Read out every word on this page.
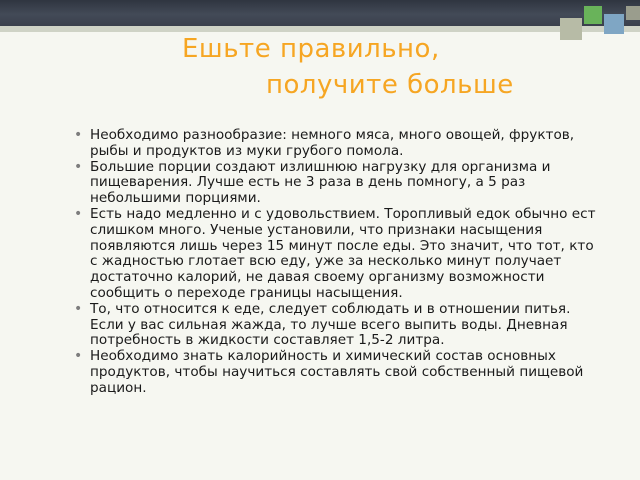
Ешьте правильно,
получите больше
• Необходимо разнообразие: немного мяса, много овощей, фруктов, рыбы и продуктов из муки грубого помола.
• Большие порции создают излишнюю нагрузку для организма и пищеварения. Лучше есть не 3 раза в день помногу, а 5 раз небольшими порциями.
• Есть надо медленно и с удовольствием. Торопливый едок обычно ест слишком много. Ученые установили, что признаки насыщения появляются лишь через 15 минут после еды. Это значит, что тот, кто с жадностью глотает всю еду, уже за несколько минут получает достаточно калорий, не давая своему организму возможности сообщить о переходе границы насыщения.
• То, что относится к еде, следует соблюдать и в отношении питья. Если у вас сильная жажда, то лучше всего выпить воды. Дневная потребность в жидкости составляет 1,5-2 литра.
• Необходимо знать калорийность и химический состав основных продуктов, чтобы научиться составлять свой собственный пищевой рацион.
